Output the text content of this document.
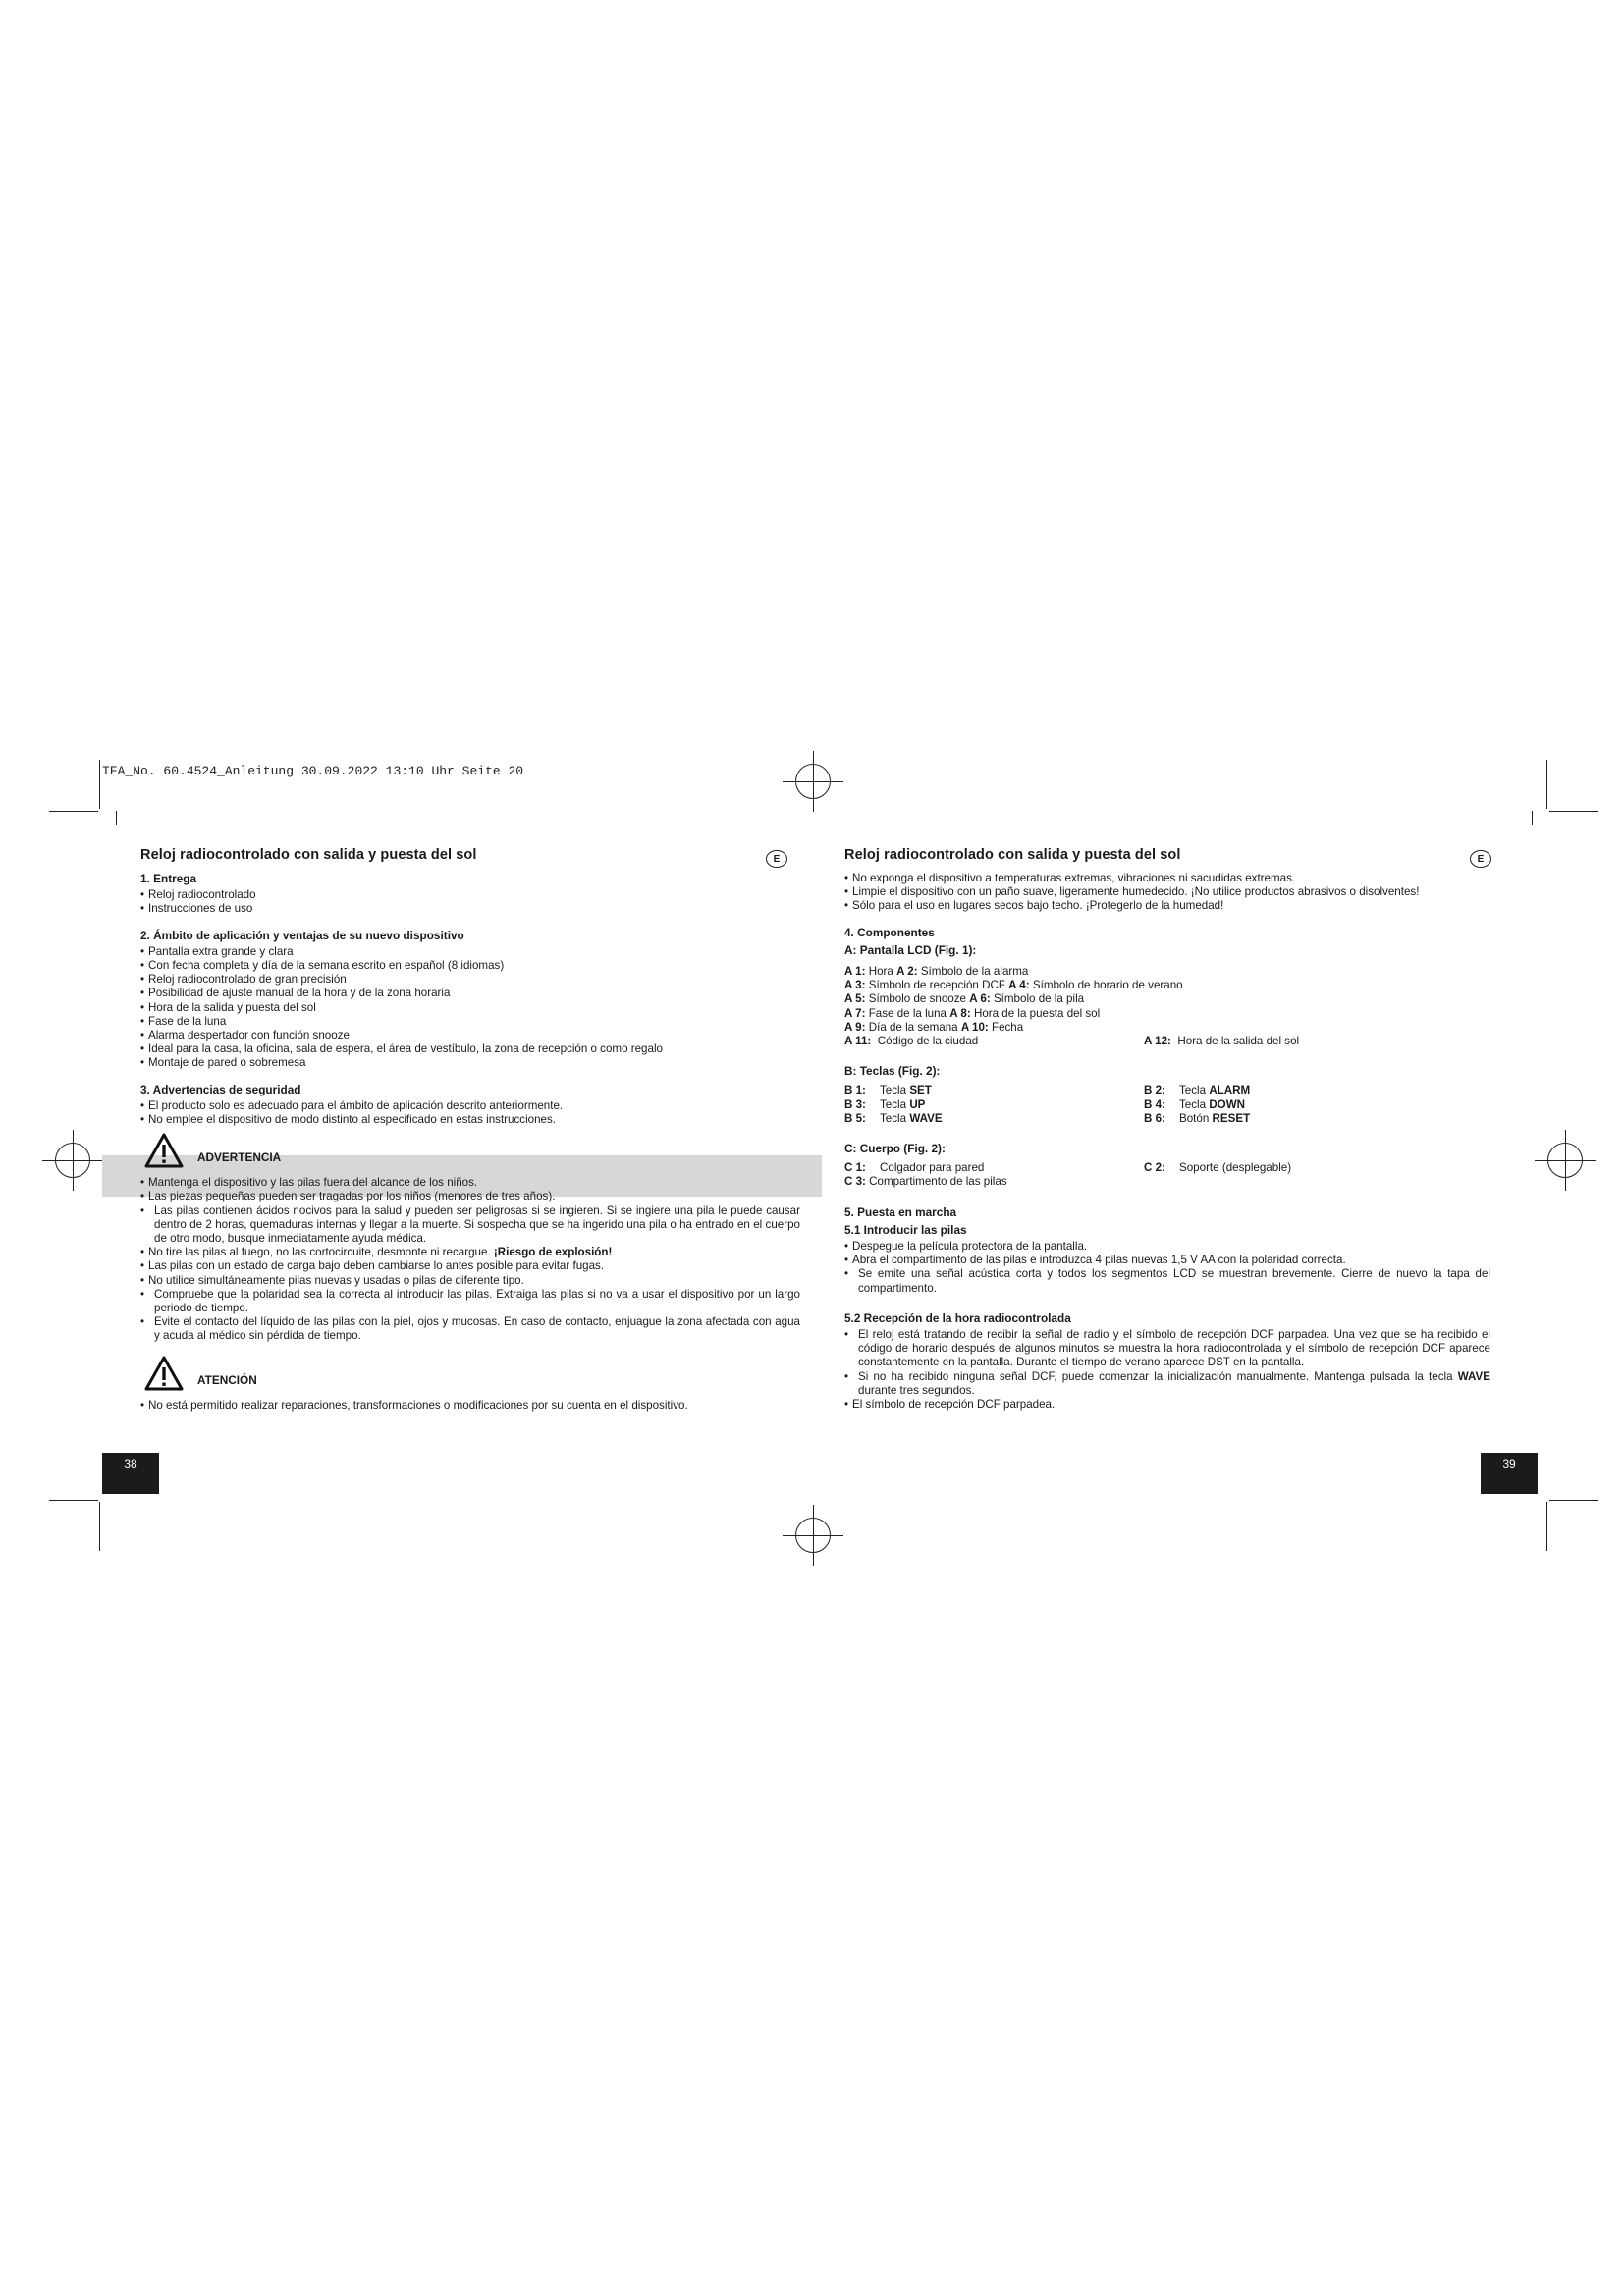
TFA_No. 60.4524_Anleitung 30.09.2022 13:10 Uhr Seite 20
E	E
Reloj radiocontrolado con salida y puesta del sol
1. Entrega
• Reloj radiocontrolado
• Instrucciones de uso
2. Ámbito de aplicación y ventajas de su nuevo dispositivo
• Pantalla extra grande y clara
• Con fecha completa y día de la semana escrito en español (8 idiomas)
• Reloj radiocontrolado de gran precisión
• Posibilidad de ajuste manual de la hora y de la zona horaria
• Hora de la salida y puesta del sol
• Fase de la luna
• Alarma despertador con función snooze
• Ideal para la casa, la oficina, sala de espera, el área de vestíbulo, la zona de recepción o como regalo
• Montaje de pared o sobremesa
3. Advertencias de seguridad
• El producto solo es adecuado para el ámbito de aplicación descrito anteriormente.
• No emplee el dispositivo de modo distinto al especificado en estas instrucciones.
ADVERTENCIA
• Mantenga el dispositivo y las pilas fuera del alcance de los niños.
• Las piezas pequeñas pueden ser tragadas por los niños (menores de tres años).
• Las pilas contienen ácidos nocivos para la salud y pueden ser peligrosas si se ingieren. Si se ingiere una pila le puede causar dentro de 2 horas, quemaduras internas y llegar a la muerte. Si sospecha que se ha ingerido una pila o ha entrado en el cuerpo de otro modo, busque inmediatamente ayuda médica.
• No tire las pilas al fuego, no las cortocircuite, desmonte ni recargue. ¡Riesgo de explosión!
• Las pilas con un estado de carga bajo deben cambiarse lo antes posible para evitar fugas.
• No utilice simultáneamente pilas nuevas y usadas o pilas de diferente tipo.
• Compruebe que la polaridad sea la correcta al introducir las pilas. Extraiga las pilas si no va a usar el dispositivo por un largo periodo de tiempo.
• Evite el contacto del líquido de las pilas con la piel, ojos y mucosas. En caso de contacto, enjuague la zona afectada con agua y acuda al médico sin pérdida de tiempo.
ATENCIÓN
• No está permitido realizar reparaciones, transformaciones o modificaciones por su cuenta en el dispositivo.
Reloj radiocontrolado con salida y puesta del sol
• No exponga el dispositivo a temperaturas extremas, vibraciones ni sacudidas extremas.
• Limpie el dispositivo con un paño suave, ligeramente humedecido. ¡No utilice productos abrasivos o disolventes!
• Sólo para el uso en lugares secos bajo techo. ¡Protegerlo de la humedad!
4. Componentes
A: Pantalla LCD (Fig. 1):
A 1: Hora A 2: Símbolo de la alarma
A 3: Símbolo de recepción DCF A 4: Símbolo de horario de verano
A 5: Símbolo de snooze A 6: Símbolo de la pila
A 7: Fase de la luna A 8: Hora de la puesta del sol
A 9: Día de la semana A 10: Fecha
A 11: Código de la ciudad	A 12: Hora de la salida del sol
B: Teclas (Fig. 2):
B 1: Tecla SET	B 2: Tecla ALARM
B 3: Tecla UP	B 4: Tecla DOWN
B 5: Tecla WAVE	B 6: Botón RESET
C: Cuerpo (Fig. 2):
C 1: Colgador para pared	C 2: Soporte (desplegable)
C 3: Compartimento de las pilas
5. Puesta en marcha
5.1 Introducir las pilas
• Despegue la película protectora de la pantalla.
• Abra el compartimento de las pilas e introduzca 4 pilas nuevas 1,5 V AA con la polaridad correcta.
• Se emite una señal acústica corta y todos los segmentos LCD se muestran brevemente. Cierre de nuevo la tapa del compartimento.
5.2 Recepción de la hora radiocontrolada
• El reloj está tratando de recibir la señal de radio y el símbolo de recepción DCF parpadea. Una vez que se ha recibido el código de horario después de algunos minutos se muestra la hora radiocontrolada y el símbolo de recepción DCF aparece constantemente en la pantalla. Durante el tiempo de verano aparece DST en la pantalla.
• Si no ha recibido ninguna señal DCF, puede comenzar la inicialización manualmente. Mantenga pulsada la tecla WAVE durante tres segundos.
• El símbolo de recepción DCF parpadea.
38	39
